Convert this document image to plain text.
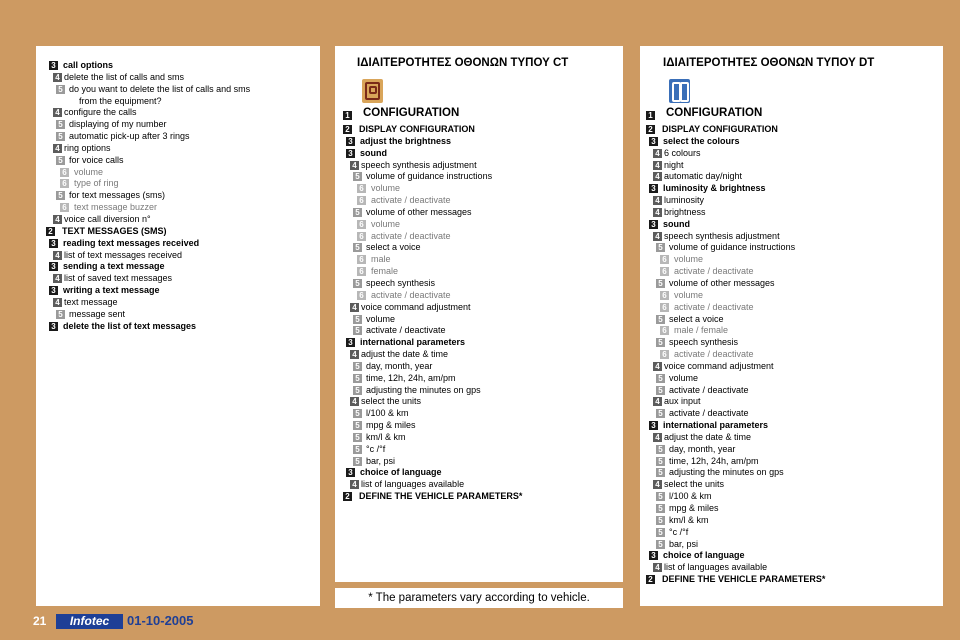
3 call options
4 delete the list of calls and sms
5 do you want to delete the list of calls and sms
from the equipment?
4 configure the calls
5 displaying of my number
5 automatic pick-up after 3 rings
4 ring options
5 for voice calls
6 volume
6 type of ring
5 for text messages (sms)
6 text message buzzer
4 voice call diversion n°
2 TEXT MESSAGES (SMS)
3 reading text messages received
4 list of text messages received
3 sending a text message
4 list of saved text messages
3 writing a text message
4 text message
5 message sent
3 delete the list of text messages
ΙΔΙΑΙΤΕΡΟΤΗΤΕΣ ΟΘΟΝΩΝ ΤΥΠΟΥ CT
1 CONFIGURATION
2 DISPLAY CONFIGURATION
3 adjust the brightness
3 sound
4 speech synthesis adjustment
5 volume of guidance instructions
6 volume
6 activate / deactivate
5 volume of other messages
6 volume
6 activate / deactivate
5 select a voice
6 male
6 female
5 speech synthesis
6 activate / deactivate
4 voice command adjustment
5 volume
5 activate / deactivate
3 international parameters
4 adjust the date & time
5 day, month, year
5 time, 12h, 24h, am/pm
5 adjusting the minutes on gps
4 select the units
5 l/100 & km
5 mpg & miles
5 km/l & km
5 °c /°f
5 bar, psi
3 choice of language
4 list of languages available
2 DEFINE THE VEHICLE PARAMETERS*
ΙΔΙΑΙΤΕΡΟΤΗΤΕΣ ΟΘΟΝΩΝ ΤΥΠΟΥ DT
1 CONFIGURATION
2 DISPLAY CONFIGURATION
3 select the colours
4 6 colours
4 night
4 automatic day/night
3 luminosity & brightness
4 luminosity
4 brightness
3 sound
4 speech synthesis adjustment
5 volume of guidance instructions
6 volume
6 activate / deactivate
5 volume of other messages
6 volume
6 activate / deactivate
5 select a voice
6 male / female
5 speech synthesis
6 activate / deactivate
4 voice command adjustment
5 volume
5 activate / deactivate
4 aux input
5 activate / deactivate
3 international parameters
4 adjust the date & time
5 day, month, year
5 time, 12h, 24h, am/pm
5 adjusting the minutes on gps
4 select the units
5 l/100 & km
5 mpg & miles
5 km/l & km
5 °c /°f
5 bar, psi
3 choice of language
4 list of languages available
2 DEFINE THE VEHICLE PARAMETERS*
* The parameters vary according to vehicle.
21	Infotec	01-10-2005
